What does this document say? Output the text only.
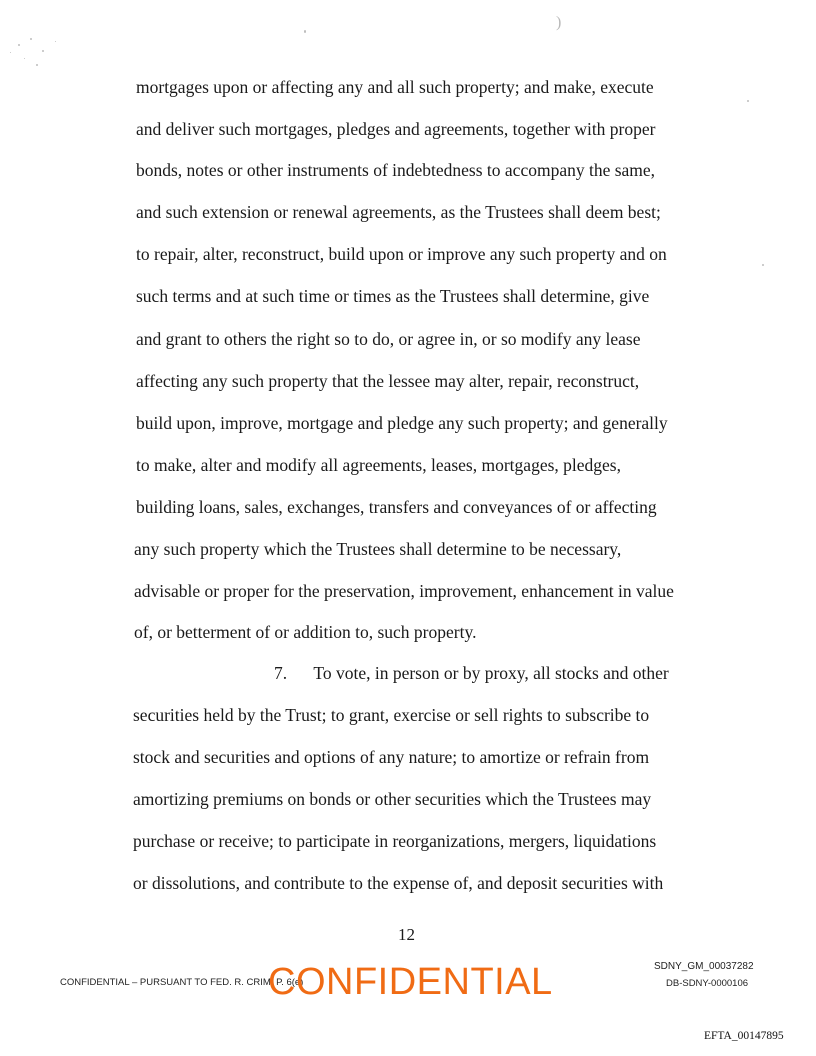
)
mortgages upon or affecting any and all such property; and make, execute
and deliver such mortgages, pledges and agreements, together with proper
bonds, notes or other instruments of indebtedness to accompany the same,
and such extension or renewal agreements, as the Trustees shall deem best;
to repair, alter, reconstruct, build upon or improve any such property and on
such terms and at such time or times as the Trustees shall determine, give
and grant to others the right so to do, or agree in, or so modify any lease
affecting any such property that the lessee may alter, repair, reconstruct,
build upon, improve, mortgage and pledge any such property; and generally
to make, alter and modify all agreements, leases, mortgages, pledges,
building loans, sales, exchanges, transfers and conveyances of or affecting
any such property which the Trustees shall determine to be necessary,
advisable or proper for the preservation, improvement, enhancement in value
of, or betterment of or addition to, such property.
7.      To vote, in person or by proxy, all stocks and other
securities held by the Trust; to grant, exercise or sell rights to subscribe to
stock and securities and options of any nature; to amortize or refrain from
amortizing premiums on bonds or other securities which the Trustees may
purchase or receive; to participate in reorganizations, mergers, liquidations
or dissolutions, and contribute to the expense of, and deposit securities with
12
CONFIDENTIAL – PURSUANT TO FED. R. CRIM. P. 6(e)
CONFIDENTIAL	SDNY_GM_00037282
DB-SDNY-0000106
EFTA_00147895
